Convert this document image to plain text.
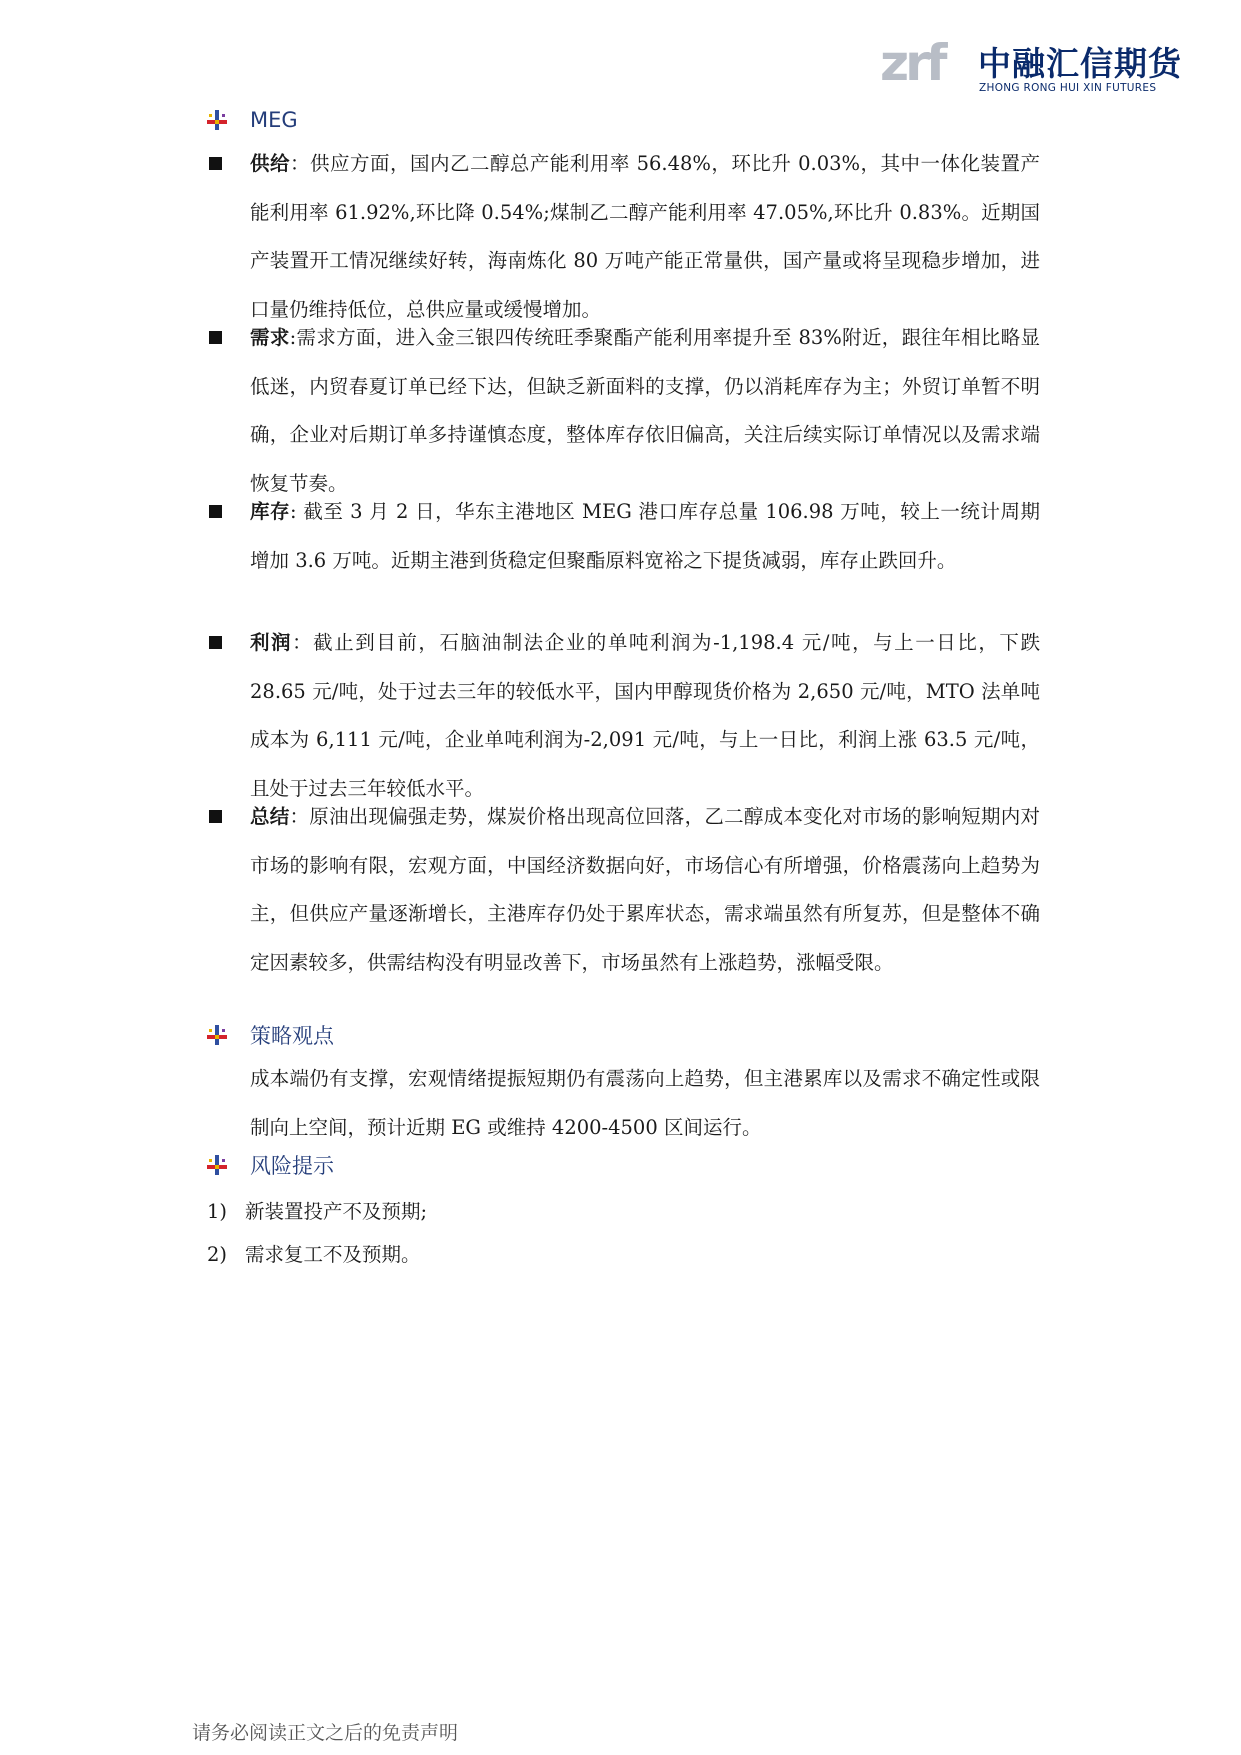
zrf 中融汇信期货
ZHONG RONG HUI XIN FUTURES
MEG
供给：供应方面，国内乙二醇总产能利用率 56.48%，环比升 0.03%，其中一体化装置产能利用率 61.92%,环比降 0.54%;煤制乙二醇产能利用率 47.05%,环比升 0.83%。近期国产装置开工情况继续好转，海南炼化 80 万吨产能正常量供，国产量或将呈现稳步增加，进口量仍维持低位，总供应量或缓慢增加。
需求:需求方面，进入金三银四传统旺季聚酯产能利用率提升至 83%附近，跟往年相比略显低迷，内贸春夏订单已经下达，但缺乏新面料的支撑，仍以消耗库存为主；外贸订单暂不明确，企业对后期订单多持谨慎态度，整体库存依旧偏高，关注后续实际订单情况以及需求端恢复节奏。
库存: 截至 3 月 2 日，华东主港地区 MEG 港口库存总量 106.98 万吨，较上一统计周期增加 3.6 万吨。近期主港到货稳定但聚酯原料宽裕之下提货减弱，库存止跌回升。
利润：截止到目前，石脑油制法企业的单吨利润为-1,198.4 元/吨，与上一日比，下跌 28.65 元/吨，处于过去三年的较低水平，国内甲醇现货价格为 2,650 元/吨，MTO 法单吨成本为 6,111 元/吨，企业单吨利润为-2,091 元/吨，与上一日比，利润上涨 63.5 元/吨，且处于过去三年较低水平。
总结：原油出现偏强走势，煤炭价格出现高位回落，乙二醇成本变化对市场的影响短期内对市场的影响有限，宏观方面，中国经济数据向好，市场信心有所增强，价格震荡向上趋势为主，但供应产量逐渐增长，主港库存仍处于累库状态，需求端虽然有所复苏，但是整体不确定因素较多，供需结构没有明显改善下，市场虽然有上涨趋势，涨幅受限。
策略观点
成本端仍有支撑，宏观情绪提振短期仍有震荡向上趋势，但主港累库以及需求不确定性或限制向上空间，预计近期 EG 或维持 4200-4500 区间运行。
风险提示
1) 新装置投产不及预期;
2) 需求复工不及预期。
请务必阅读正文之后的免责声明
